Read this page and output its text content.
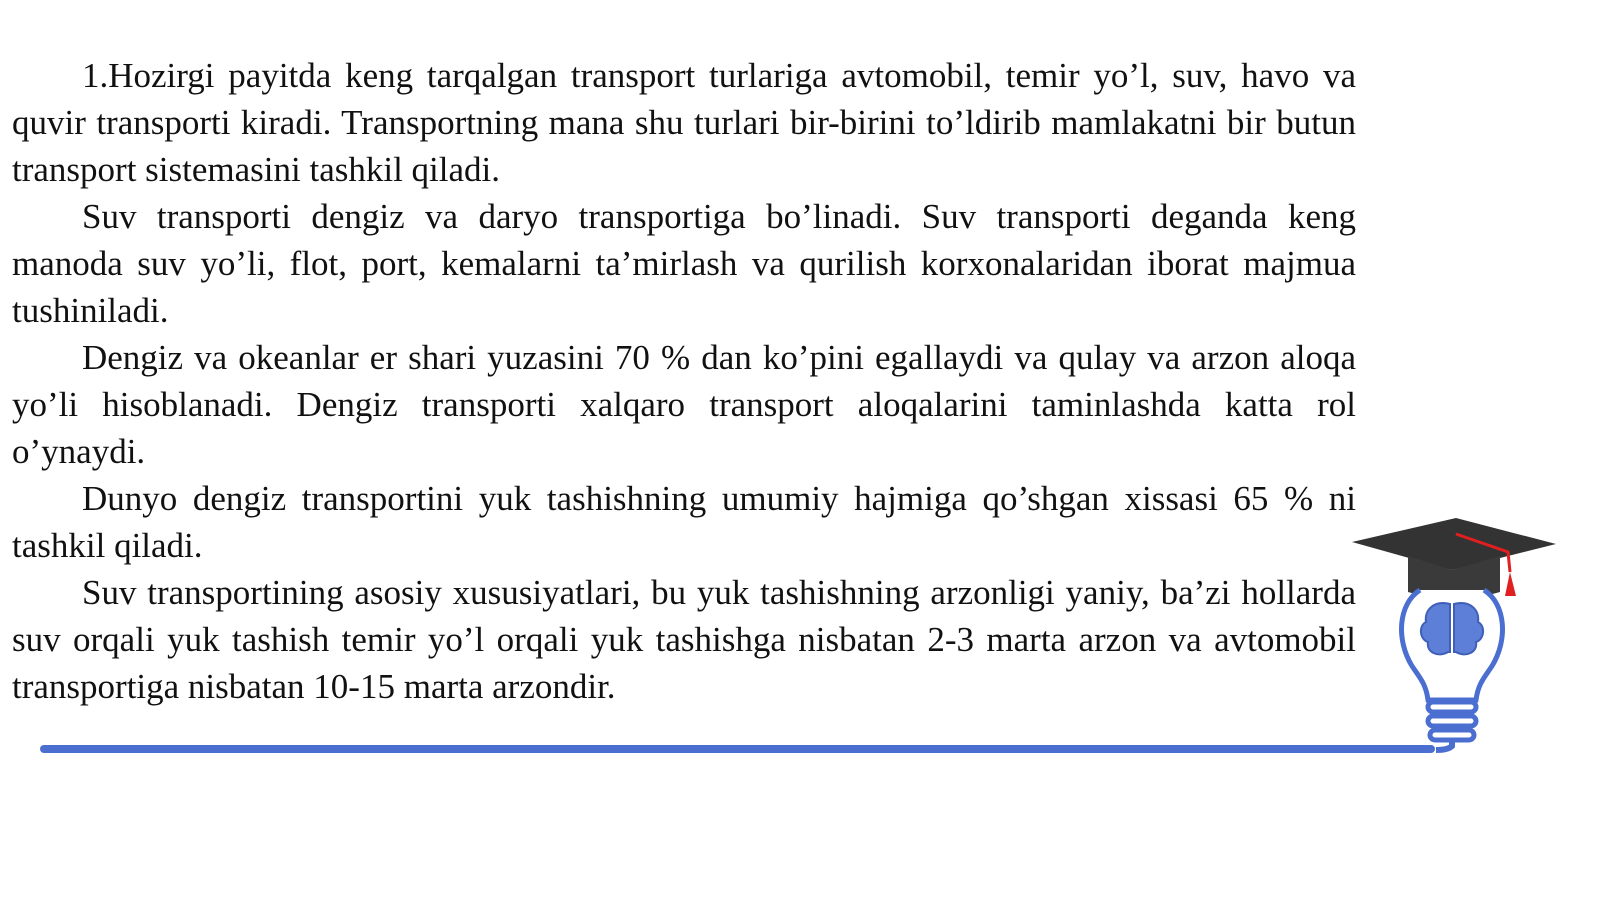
1.Hozirgi payitda keng tarqalgan transport turlariga avtomobil, temir yo’l, suv, havo va quvir transporti kiradi. Transportning mana shu turlari bir-birini to’ldirib mamlakatni bir butun transport sistemasini tashkil qiladi.

Suv transporti dengiz va daryo transportiga bo’linadi. Suv transporti deganda keng manoda suv yo’li, flot, port, kemalarni ta’mirlash va qurilish korxonalaridan iborat majmua tushiniladi.

Dengiz va okeanlar er shari yuzasini 70 % dan ko’pini egallaydi va qulay va arzon aloqa yo’li hisoblanadi. Dengiz transporti xalqaro transport aloqalarini taminlashda katta rol o’ynaydi.

Dunyo dengiz transportini yuk tashishning umumiy hajmiga qo’shgan xissasi 65 % ni tashkil qiladi.

Suv transportining asosiy xususiyatlari, bu yuk tashishning arzonligi yaniy, ba’zi hollarda suv orqali yuk tashish temir yo’l orqali yuk tashishga nisbatan 2-3 marta arzon va avtomobil transportiga nisbatan 10-15 marta arzondir.
